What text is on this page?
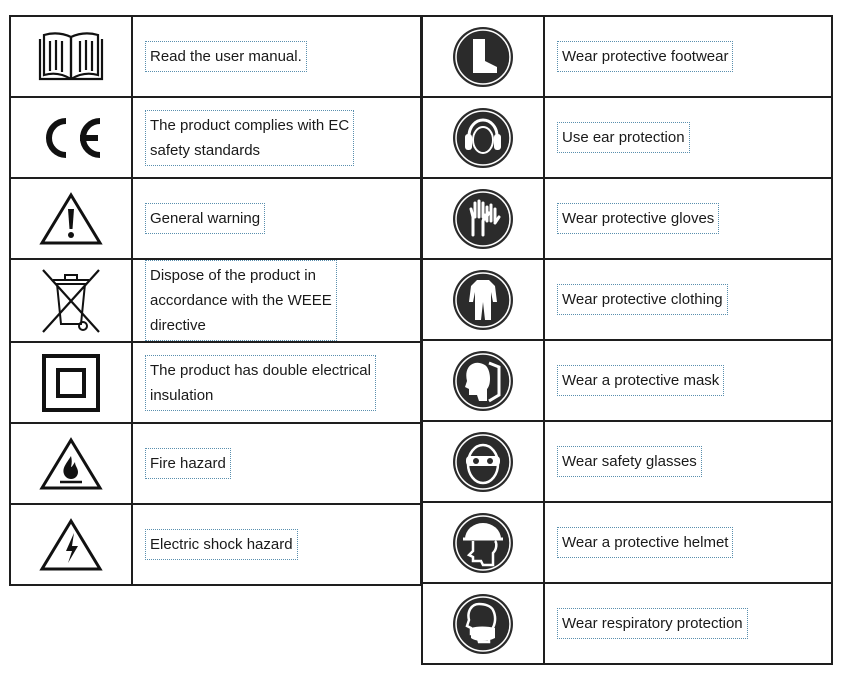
	Read the user manual.

	The product complies with EC
safety standards

	General warning

	Dispose of the product in
accordance with the WEEE
directive

	The product has double electrical
insulation

	Fire hazard

	Electric shock hazard
	Wear protective footwear

	Use ear protection

	Wear protective gloves

	Wear protective clothing

	Wear a protective mask

	Wear safety glasses

	Wear a protective helmet

	Wear respiratory protection
